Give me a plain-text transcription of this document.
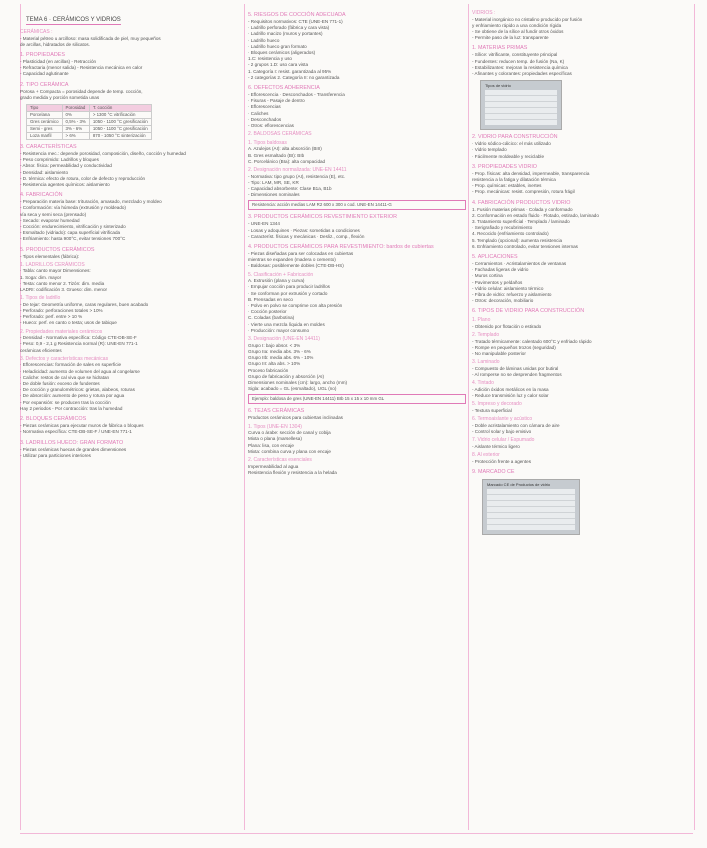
TEMA 6 · CERÁMICOS Y VIDRIOS
CERÁMICAS :
- Material pétreo u arcilloso: masa solidificada de piel, muy pequeños
de arcillas, hidratados de silicatos.
1. PROPIEDADES
- Plasticidad (en arcillas) - Retracción
- Refractaria (menor salida) - Resistencia mecánica en calor
- Capacidad aglutinante
2. TIPO CERÁMICA
Porosa + Compacta = porosidad depende de temp. cocción,
grado medida y porción sometida unas
Tipo	Porosidad	T. cocción
Porcelana	0%	> 1300 °C vitrificación
Gres cerámico	0,5% - 3%	1050 - 1100 °C gresificación
Semi - gres	3% - 6%	1050 - 1100 °C gresificación
Loza marfil	> 6%	870 - 1050 °C sinterización
3. CARACTERÍSTICAS
- Resistencia mec.: depende porosidad, composición, diseño, cocción y humedad
- Peso comprimido: Ladrillos y bloques
- Absor. física: permeabilidad y conductividad
- Densidad: aislamiento
- D. térmica: efecto de rotura, color de defecto y reproducción
- Resistencia agentes químicos: aislamiento
4. FABRICACIÓN
- Preparación materia base: trituración, amasado, mezclado y moldeo
- Conformación: vía húmeda (extrusión y moldeado)
vía seca y semi seca (prensado)
- Secado: evaporar humedad
- Cocción: endurecimiento, vitrificación y sinterizado
- Esmaltado (vidriado): capa superficial vitrificada
- Enfriamiento: hasta 900°C, evitar tensiones 700°C
5. PRODUCTOS CERÁMICOS
- Tipos elementales (fábrica):
1. LADRILLOS CERÁMICOS
· Tabla: canto mayor Dimensiones:
1. Soga: dim. mayor
· Testa: canto menor 2. Tizón: dim. media
LADRI: codificación 3. Grueso: dim. menor
1. Tipos de ladrillo
- De tejar: Geometría uniforme, caras regulares, buen acabado
- Perforado: perforaciones totales > 10%
- Perforado: perf. entre > 10 %
- Hueco: perf. en canto o testa; usos de tabique
2. Propiedades materiales cerámicos
- Densidad - Normativa específica: Código CTE-DB-SE-F
- Peso: 0,9 - 2,1 g Resistencia normal (R): UNE-EN 771-1
cerámicas eficientes
3. Defectos y características mecánicas
· Eflorescencias: formación de sales en superficie
· Heladicidad: aumento de volumen del agua al congelarse
· Caliche: restos de cal viva que se hidratan
· De doble fusión: exceso de fundentes
· De cocción y granulométricos: grietas, alabeos, roturas
· De absorción: aumento de peso y rotura por agua
- Por expansión: se producen tras la cocción
Hay 2 periodos - Por contracción: tras la humedad
2. BLOQUES CERÁMICOS
- Piezas cerámicas para ejecutar muros de fábrica o bloques
- Normativa específica: CTE-DB-SE-F / UNE-EN 771-1
3. LADRILLOS HUECO: GRAN FORMATO
- Piezas cerámicas huecas de grandes dimensiones
- Utilizar para particiones interiores
5. RIESGOS DE COCCIÓN ADECUADA
- Requisitos normativos: CTE (UNE-EN 771-1)
· Ladrillo perforado (fábrica y cara vista)
· Ladrillo macizo (muros y portantes)
· Ladrillo hueco
· Ladrillo hueco gran formato
· Bloques cerámicos (aligerados)
1.C: resistencia y uso
- 2 grupos 1.D: uso cara vista
1. Categoría I: resist. garantizada al 95%
- 2 categorías 2. Categoría II: no garantizada
6. DEFECTOS ADHERENCIA
- Eflorescencia · Desconchados - Transferencia
· Fisuras - Pasaje de dentro
· Eflorescencias
· Caliches
· Desconchados
- Otros: eflorescencias
2. BALDOSAS CERÁMICAS
1. Tipos baldosas
A. Azulejos (AI): alta absorción (BIII)
B. Gres esmaltado (BI): BIb
C. Porcelánico (BIa): alta compacidad
2. Designación normalizada: UNE-EN 14411
- Normativa: tipo grupo (AI), resistencia (E), etc.
- Tipo: LAM, MR, SE, KR
- Capacidad absorbente: Clase B1a, B1b
- Dimensiones nominales
Resistencia: acción medias LAM R2 600 x 300 x cod. UNE-EN 14411-G
3. PRODUCTOS CERÁMICOS REVESTIMIENTO EXTERIOR
- UNE-EN 1344
- Losas y adoquines · Piezas: sometidas a condiciones
- Característ. físicas y mecánicas · Desliz., comp., flexión
4. PRODUCTOS CERÁMICOS PARA REVESTIMIENTO: bardos de cubiertas
- Piezas diseñadas para ser colocadas en cubiertas
mientras se expanden (madera o cemento)
- Baldosas: posiblemente dobles (CTE-DB-HS)
5. Clasificación + Fabricación
A. Extrusión (plana y curva)
· Empujar cocción para producir ladrillos
· Se conforman por extrusión y cortado
B. Prensadas en seco
· Polvo en polvo se comprime con alta presión
· Cocción posterior
C. Coladas (barbotina)
· Vierte una mezcla líquida en moldes
· Producción: mayor consumo
3. Designación (UNE-EN 14411)
Grupo I: bajo absor. < 3%
Grupo IIa: media abs. 3% - 6%
Grupo IIb: media abs. 6% - 10%
Grupo III: alta abs. > 10%
Proceso fabricación
Grupo de fabricación y absorción (AI)
Dimensiones nominales (cm): largo, ancho (mm)
Sigla: acabado = GL (esmaltado), UGL (no)
Ejemplo: baldosa de gres (UNE-EN 14411) BIb 15 x 15 x 10 mm GL
6. TEJAS CERÁMICAS
Productos cerámicos para cubiertas inclinadas
1. Tipos (UNE-EN 1304)
Curva o árabe: sección de canal y cobija
Mixta o plana (marsellesa)
Plana: lisa, con encaje
Mixta: combina curva y plana con encaje
2. Características esenciales
Impermeabilidad al agua
Resistencia flexión y resistencia a la helada
VIDRIOS :
- Material inorgánico no cristalino producido por fusión
y enfriamiento rápido a una condición rígida
- Se obtiene de la sílice al fundir otros óxidos
- Permite paso de la luz: transparente
1. MATERIAS PRIMAS
- Sílice: vitrificante, constituyente principal
- Fundentes: reducen temp. de fusión (Na, K)
- Estabilizantes: mejoran la resistencia química
- Afinantes y colorantes: propiedades específicas
Tipos de vidrio
2. VIDRIO PARA CONSTRUCCIÓN
· Vidrio sódico-cálcico: el más utilizado
· Vidrio templado
· Fácilmente moldeable y reciclable
3. PROPIEDADES VIDRIO
- Prop. físicas: alta densidad, impermeable, transparencia
resistencia a la fatiga y dilatación térmica
- Prop. químicas: estables, inertes
- Prop. mecánicas: resist. compresión, rotura frágil
4. FABRICACIÓN PRODUCTOS VIDRIO
1. Fusión materias primas · Colada y conformado
2. Conformación en estado fluido · Flotado, estirado, laminado
3. Tratamiento superficial · Templado / laminado
· Serigrafiado y recubrimiento
4. Recocido (enfriamiento controlado)
5. Templado (opcional): aumenta resistencia
6. Enfriamiento controlado, evitar tensiones internas
5. APLICACIONES
- Cerramientos · Acristalamientos de ventanas
· Fachadas ligeras de vidrio
· Muros cortina
- Pavimentos y peldaños
- Vidrio celular: aislamiento térmico
- Fibra de vidrio: refuerzo y aislamiento
- Otros: decoración, mobiliario
6. TIPOS DE VIDRIO PARA CONSTRUCCIÓN
1. Plano
- Obtenido por flotación o estirado
2. Templado
- Tratado térmicamente: calentado 600°C y enfriado rápido
- Rompe en pequeños trozos (seguridad)
- No manipulable posterior
3. Laminado
- Compuesto de láminas unidas por butiral
- Al romperse no se desprenden fragmentos
4. Tintado
- Adición óxidos metálicos en la masa
- Reduce transmisión luz y calor solar
5. Impreso y decorado
- Textura superficial
6. Termoaislante y acústico
- Doble acristalamiento con cámara de aire
- Control solar y bajo emisivo
7. Vidrio celular / Espumado
- Aislante térmico ligero
8. Al exterior
- Protección frente a agentes
9. MARCADO CE
Marcado CE de Productos de vidrio
